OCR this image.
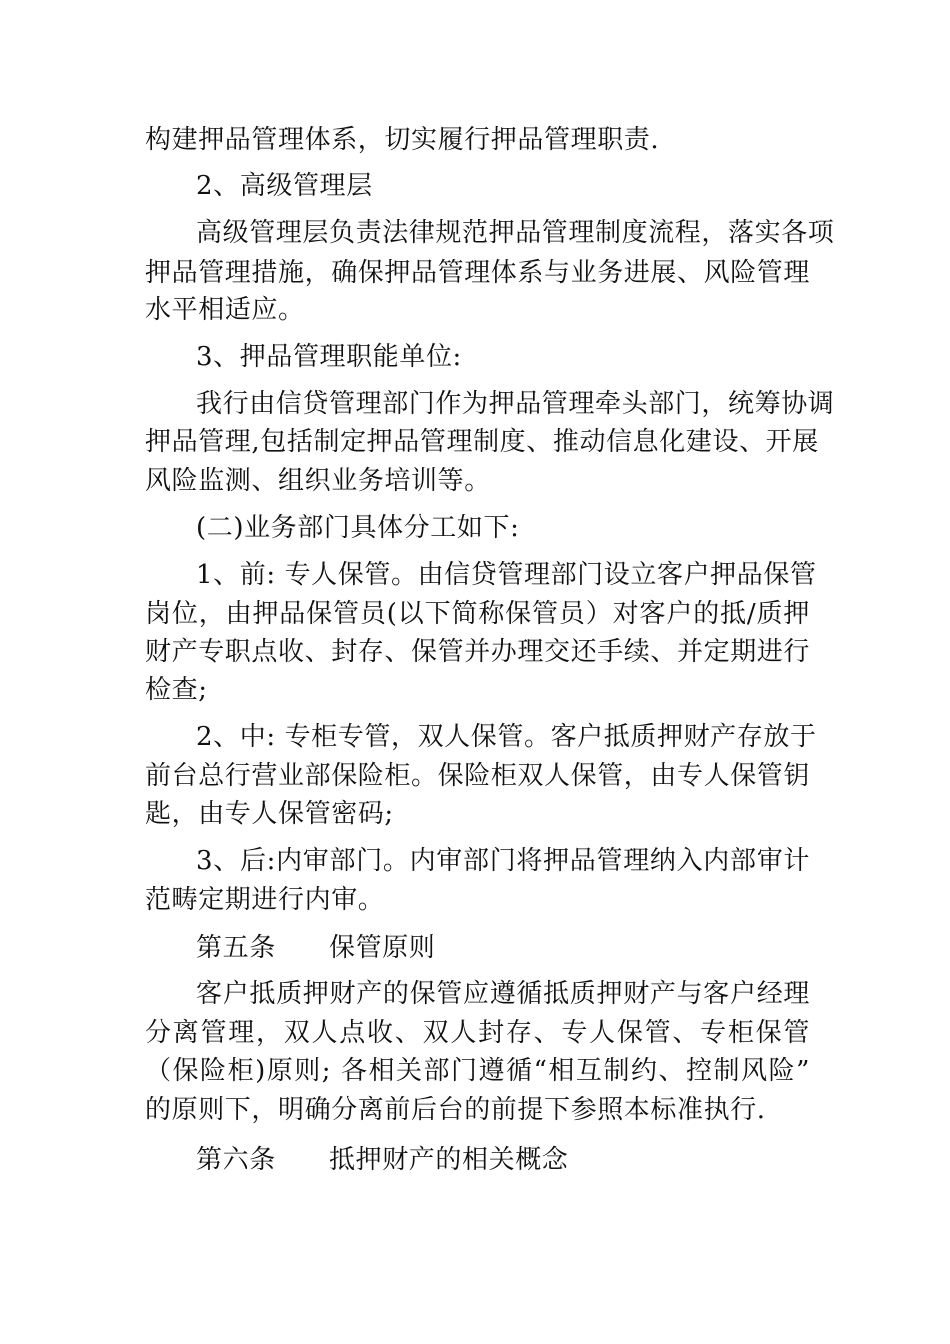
构建押品管理体系，切实履行押品管理职责.
2、高级管理层
高级管理层负责法律规范押品管理制度流程，落实各项
押品管理措施，确保押品管理体系与业务进展、风险管理
水平相适应。
3、押品管理职能单位:
我行由信贷管理部门作为押品管理牵头部门，统筹协调
押品管理,包括制定押品管理制度、推动信息化建设、开展
风险监测、组织业务培训等。
(二)业务部门具体分工如下:
1、前: 专人保管。由信贷管理部门设立客户押品保管
岗位，由押品保管员(以下简称保管员）对客户的抵/质押
财产专职点收、封存、保管并办理交还手续、并定期进行
检查;
2、中: 专柜专管，双人保管。客户抵质押财产存放于
前台总行营业部保险柜。保险柜双人保管，由专人保管钥
匙，由专人保管密码;
3、后:内审部门。内审部门将押品管理纳入内部审计
范畴定期进行内审。
第五条　　保管原则
客户抵质押财产的保管应遵循抵质押财产与客户经理
分离管理，双人点收、双人封存、专人保管、专柜保管
（保险柜)原则; 各相关部门遵循“相互制约、控制风险”
的原则下，明确分离前后台的前提下参照本标准执行.
第六条　　抵押财产的相关概念
